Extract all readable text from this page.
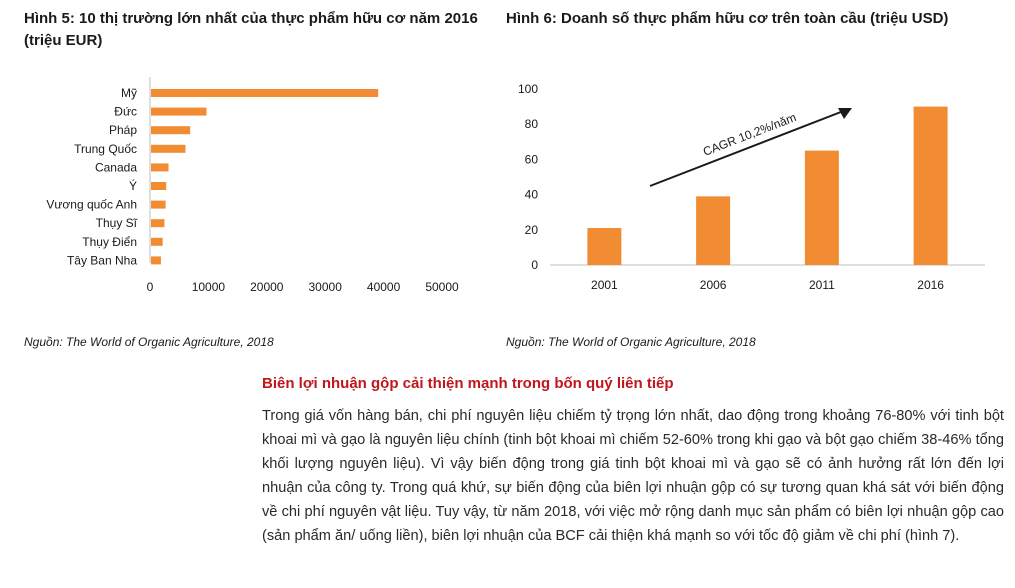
Hình 5: 10 thị trường lớn nhất của thực phẩm hữu cơ năm 2016 (triệu EUR)
Hình 6: Doanh số thực phẩm hữu cơ trên toàn cầu (triệu USD)
Mỹ
Đức
Pháp
Trung Quốc
Canada
Ý
Vương quốc Anh
Thụy Sĩ
Thụy Điển
Tây Ban Nha
0	10000 20000 30000 40000 50000
0
20
40
60
80
100
2001	2006	2011	2016
CAGR 10,2%/năm
Nguồn: The World of Organic Agriculture, 2018	Nguồn: The World of Organic Agriculture, 2018
Biên lợi nhuận gộp cải thiện mạnh trong bốn quý liên tiếp
Trong giá vốn hàng bán, chi phí nguyên liệu chiếm tỷ trọng lớn nhất, dao động trong khoảng 76-80% với tinh bột khoai mì và gạo là nguyên liệu chính (tinh bột khoai mì chiếm 52-60% trong khi gạo và bột gạo chiếm 38-46% tổng khối lượng nguyên liệu). Vì vậy biến động trong giá tinh bột khoai mì và gạo sẽ có ảnh hưởng rất lớn đến lợi nhuận của công ty. Trong quá khứ, sự biến động của biên lợi nhuận gộp có sự tương quan khá sát với biến động về chi phí nguyên vật liệu. Tuy vậy, từ năm 2018, với việc mở rộng danh mục sản phẩm có biên lợi nhuận gộp cao (sản phẩm ăn/ uống liền), biên lợi nhuận của BCF cải thiện khá mạnh so với tốc độ giảm về chi phí (hình 7).
